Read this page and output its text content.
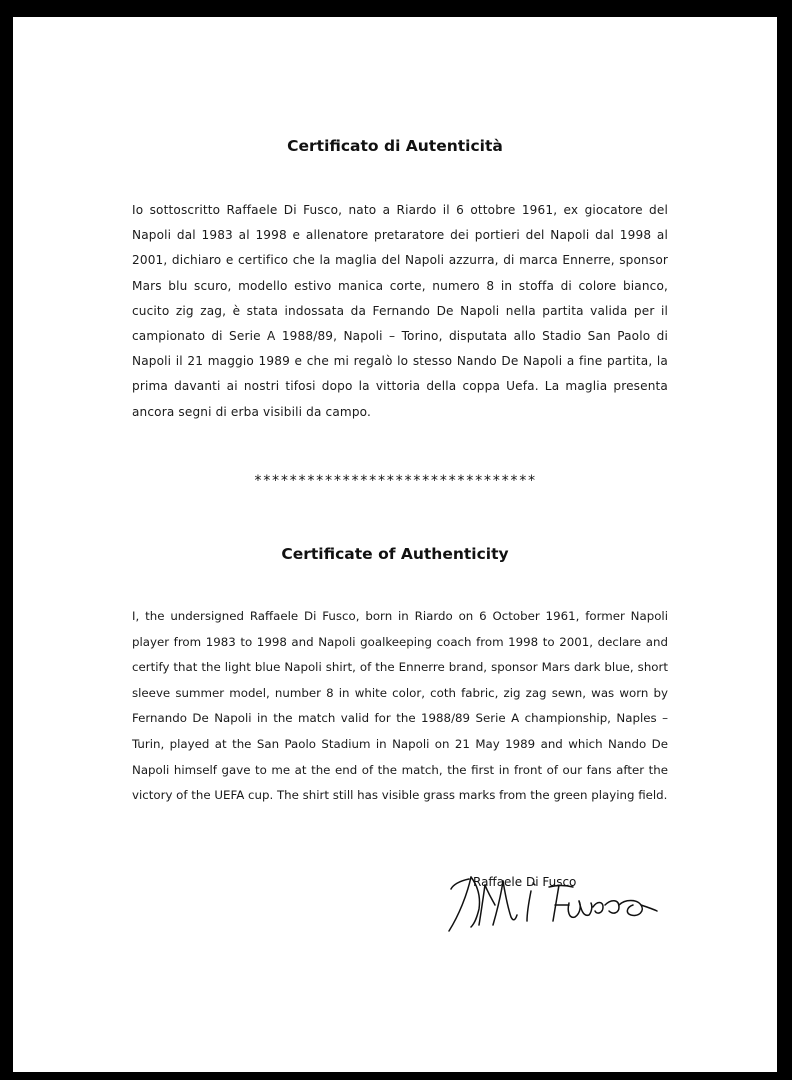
Certificato di Autenticità

Io sottoscritto Raffaele Di Fusco, nato a Riardo il 6 ottobre 1961, ex giocatore del Napoli dal 1983 al 1998 e allenatore pretaratore dei portieri del Napoli dal 1998 al 2001, dichiaro e certifico che la maglia del Napoli azzurra, di marca Ennerre, sponsor Mars blu scuro, modello estivo manica corte, numero 8 in stoffa di colore bianco, cucito zig zag, è stata indossata da Fernando De Napoli nella partita valida per il campionato di Serie A 1988/89, Napoli – Torino, disputata allo Stadio San Paolo di Napoli il 21 maggio 1989 e che mi regalò lo stesso Nando De Napoli a fine partita, la prima davanti ai nostri tifosi dopo la vittoria della coppa Uefa. La maglia presenta ancora segni di erba visibili da campo.

********************************

Certificate of Authenticity

I, the undersigned Raffaele Di Fusco, born in Riardo on 6 October 1961, former Napoli player from 1983 to 1998 and Napoli goalkeeping coach from 1998 to 2001, declare and certify that the light blue Napoli shirt, of the Ennerre brand, sponsor Mars dark blue, short sleeve summer model, number 8 in white color, coth fabric, zig zag sewn, was worn by Fernando De Napoli in the match valid for the 1988/89 Serie A championship, Naples – Turin, played at the San Paolo Stadium in Napoli on 21 May 1989 and which Nando De Napoli himself gave to me at the end of the match, the first in front of our fans after the victory of the UEFA cup. The shirt still has visible grass marks from the green playing field.

Raffaele Di Fusco
